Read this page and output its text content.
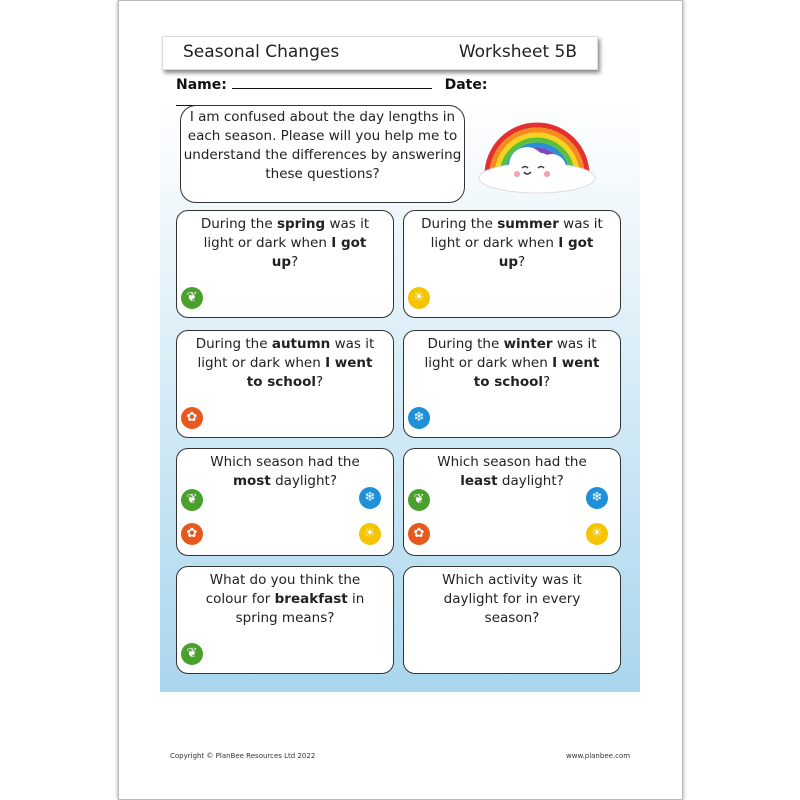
Seasonal Changes	Worksheet 5B
Name:	Date:
I am confused about the day lengths in each season. Please will you help me to understand the differences by answering these questions?
During the spring was it light or dark when I got up?
❦
During the summer was it light or dark when I got up?
☀
During the autumn was it light or dark when I went to school?
✿
During the winter was it light or dark when I went to school?
❄
Which season had the most daylight?
✿
❄
❦
☀
Which season had the least daylight?
✿
❄
❦
☀
What do you think the colour for breakfast in spring means?
❦
Which activity was it daylight for in every season?
Copyright © PlanBee Resources Ltd 2022	www.planbee.com
